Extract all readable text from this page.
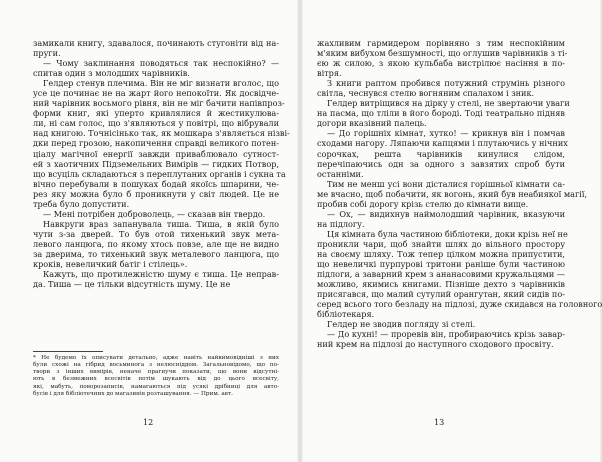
замикали книгу, здавалося, починають стугоніти від на-
пруги.
— Чому заклинання поводяться так неспокійно? —
спитав один з молодших чарівників.
Гелдер стенув плечима. Він не міг визнати вголос, що
усе це починає не на жарт його непокоїти. Як досвідче-
ний чарівник восьмого рівня, він не міг бачити напівпроз-
форми книг, які уперто кривлялися й жестикулюва-
ли, ні сам голос, що з'являються у повітрі, що вібрували
над книгою. Точнісінько так, як мошкара з'являється нізві-
дки перед грозою, накопичення справді великого потен-
ціалу магічної енергії завжди приваблювало сутност-
ей з хаотичних Підземельних Вимірів — гидких Потвор,
що всуціль складаються з переплутаних органів і сукна та
вічно перебували в пошуках бодай якоїсь шпарини, че-
рез яку можна було б проникнути у світ людей. Це не
треба було допустити.
— Мені потрібен доброволець, — сказав він твердо.
Навкруги враз запанувала тиша. Тиша, в якій було
чути з-за дверей. То був отой тихенький звук мета-
левого ланцюга, по якому хтось повзе, але ще не видно
за дверима, то тихенький звук металевого ланцюга, що
кроків, невеличкий батіг і стілець».
Кажуть, що протилежністю шуму є тиша. Це неправ-
да. Тиша — це тільки відсутність шуму. Це не
* Не будемо їх описувати детально, адже навіть найвимовідніші з них
були схожі на гібрид восьминога з нелюсніддом. Загальновідомо, що по-
твори з інших вимірів, неначе прагнучи показати, що вони відсутні-
ють в безмежних всесвітів потім шукають від до цього всесвіту,
які, мабуть, поворозаписів, намагаються під усякі дрібниці для авто-
бусів і для бібліотечних до магазинів розташування. — Прим. авт.
12
жахливим гармидером порівняно з тим неспокійним
м'яким вибухом безшумності, що оглушив чарівників з ті-
єю ж силою, з якою кульбаба вистрілює насіння в по-
вітря.
З книги раптом пробився потужний струмінь різного
світла, чеснувся стелю вогняним спалахом і зник.
Гелдер витріщився на дірку у стелі, не звертаючи уваги
на пасма, що тліли в його бороді. Тоді театрально підняв
догори вказівний палець.
— До горішніх кімнат, хутко! — крикнув він і помчав
сходами нагору. Ляпаючи капцями і плутаючись у нічних
сорочках, решта чарівників кинулися слідом,
перечіпаючись одн за одного з завзятих спроб бути
останніми.
Тим не менш усі вони дісталися горішньої кімнати са-
ме вчасно, щоб побачити, як вогонь, який був неабиякої магії,
пробив собі дорогу крізь стелю до кімнати вище.
— Ох, — видихнув наймолодший чарівник, вказуючи
на підлогу.
Ця кімната була частиною бібліотеки, доки крізь неї не
проникли чари, щоб знайти шлях до вільного простору
на своєму шляху. Тож тепер цілком можна припустити,
що невеличкі пурпурові тритони раніше були частиною
підлоги, а заварний крем з ананасовими кружальцями —
можливо, якимись книгами. Пізніше дехто з чарівників
присягався, що малий сутулий орангутан, який сидів по-
серед всього того безладу на підлозі, дуже скидався на головного
бібліотекаря.
Гелдер не зводив погляду зі стелі.
— До кухні! — проревів він, пробираючись крізь завар-
ний крем на підлозі до наступного сходового просвіту.
13
